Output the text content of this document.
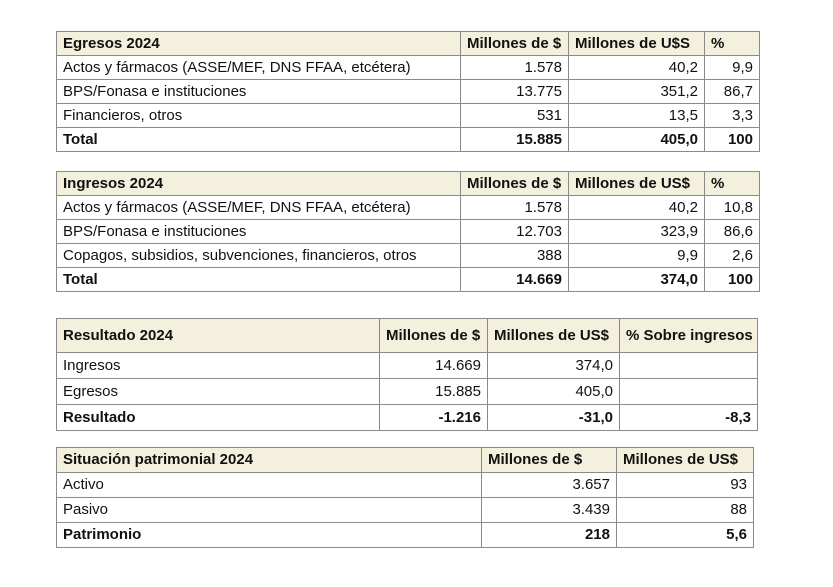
Egresos 2024	Millones de $	Millones de U$S	%
Actos y fármacos (ASSE/MEF, DNS FFAA, etcétera)	1.578	40,2	9,9
BPS/Fonasa e instituciones	13.775	351,2	86,7
Financieros, otros	531	13,5	3,3
Total	15.885	405,0	100
Ingresos 2024	Millones de $	Millones de US$	%
Actos y fármacos (ASSE/MEF, DNS FFAA, etcétera)	1.578	40,2	10,8
BPS/Fonasa e instituciones	12.703	323,9	86,6
Copagos, subsidios, subvenciones, financieros, otros	388	9,9	2,6
Total	14.669	374,0	100
Resultado 2024	Millones de $	Millones de US$	% Sobre ingresos
Ingresos	14.669	374,0	
Egresos	15.885	405,0	
Resultado	-1.216	-31,0	-8,3
Situación patrimonial 2024	Millones de $	Millones de US$
Activo	3.657	93
Pasivo	3.439	88
Patrimonio	218	5,6
